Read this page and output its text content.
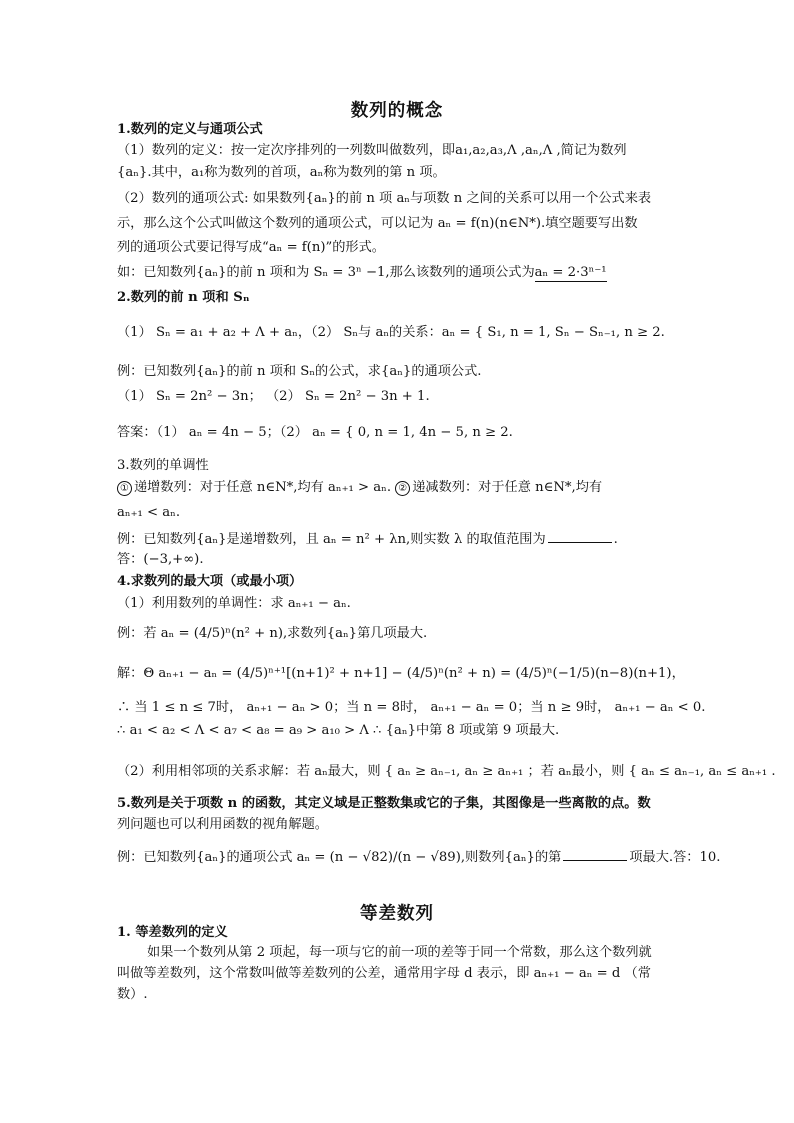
数列的概念
1.数列的定义与通项公式
（1）数列的定义：按一定次序排列的一列数叫做数列，即a₁,a₂,a₃,Λ ,aₙ,Λ ,简记为数列
{aₙ}.其中，a₁称为数列的首项，aₙ称为数列的第 n 项。
（2）数列的通项公式: 如果数列{aₙ}的前 n 项 aₙ与项数 n 之间的关系可以用一个公式来表
示，那么这个公式叫做这个数列的通项公式，可以记为 aₙ = f(n)(n∈N*).填空题要写出数
列的通项公式要记得写成“aₙ = f(n)”的形式。
如：已知数列{aₙ}的前 n 项和为 Sₙ = 3ⁿ −1,那么该数列的通项公式为aₙ = 2·3ⁿ⁻¹
2.数列的前 n 项和 Sₙ
（1） Sₙ = a₁ + a₂ + Λ + aₙ，（2） Sₙ与 aₙ的关系：aₙ = { S₁, n = 1, Sₙ − Sₙ₋₁, n ≥ 2.
例：已知数列{aₙ}的前 n 项和 Sₙ的公式，求{aₙ}的通项公式.
（1） Sₙ = 2n² − 3n； （2） Sₙ = 2n² − 3n + 1.
答案：（1） aₙ = 4n − 5；（2） aₙ = { 0, n = 1, 4n − 5, n ≥ 2.
3.数列的单调性
① 递增数列：对于任意 n∈N*,均有 aₙ₊₁ > aₙ. ② 递减数列：对于任意 n∈N*,均有
aₙ₊₁ < aₙ.
例：已知数列{aₙ}是递增数列，且 aₙ = n² + λn,则实数 λ 的取值范围为	.
答：(−3,+∞).
4.求数列的最大项（或最小项）
（1）利用数列的单调性：求 aₙ₊₁ − aₙ.
例：若 aₙ = (4/5)ⁿ(n² + n),求数列{aₙ}第几项最大.
解：Θ aₙ₊₁ − aₙ = (4/5)ⁿ⁺¹[(n+1)² + n+1] − (4/5)ⁿ(n² + n) = (4/5)ⁿ(−1/5)(n−8)(n+1)，
∴ 当 1 ≤ n ≤ 7时， aₙ₊₁ − aₙ > 0；当 n = 8时， aₙ₊₁ − aₙ = 0；当 n ≥ 9时， aₙ₊₁ − aₙ < 0.
∴ a₁ < a₂ < Λ < a₇ < a₈ = a₉ > a₁₀ > Λ ∴ {aₙ}中第 8 项或第 9 项最大.
（2）利用相邻项的关系求解：若 aₙ最大，则 { aₙ ≥ aₙ₋₁, aₙ ≥ aₙ₊₁ ；若 aₙ最小，则 { aₙ ≤ aₙ₋₁, aₙ ≤ aₙ₊₁ .
5.数列是关于项数 n 的函数，其定义域是正整数集或它的子集，其图像是一些离散的点。数
列问题也可以利用函数的视角解题。
例：已知数列{aₙ}的通项公式 aₙ = (n − √82)/(n − √89),则数列{aₙ}的第	项最大.答：10.
等差数列
1. 等差数列的定义
如果一个数列从第 2 项起，每一项与它的前一项的差等于同一个常数，那么这个数列就
叫做等差数列，这个常数叫做等差数列的公差，通常用字母 d 表示，即 aₙ₊₁ − aₙ = d （常
数）.
